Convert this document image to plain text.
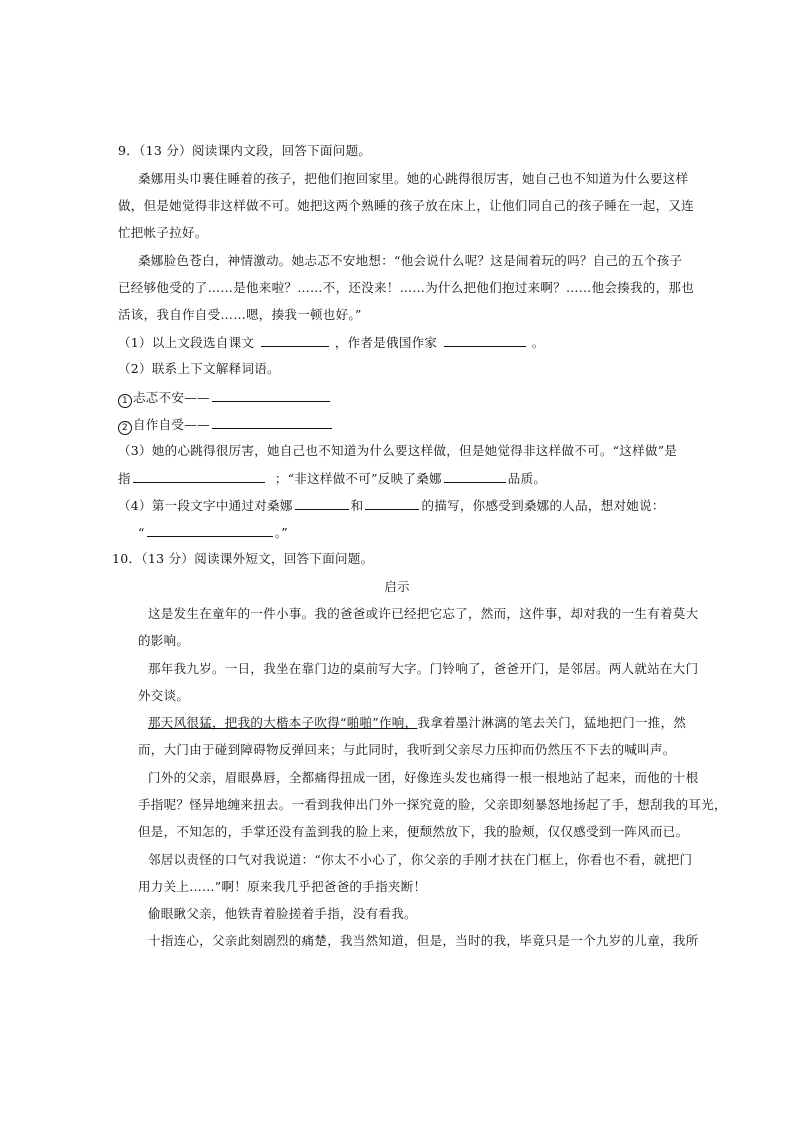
9．（13 分）阅读课内文段，回答下面问题。
桑娜用头巾裹住睡着的孩子，把他们抱回家里。她的心跳得很厉害，她自己也不知道为什么要这样
做，但是她觉得非这样做不可。她把这两个熟睡的孩子放在床上，让他们同自己的孩子睡在一起，又连
忙把帐子拉好。
桑娜脸色苍白，神情激动。她忐忑不安地想：“他会说什么呢？这是闹着玩的吗？自己的五个孩子
已经够他受的了……是他来啦？……不，还没来！……为什么把他们抱过来啊？……他会揍我的，那也
活该，我自作自受……嗯，揍我一顿也好。”
（1）以上文段选自课文	，作者是俄国作家	。
（2）联系上下文解释词语。
1 忐忑不安——
2 自作自受——
（3）她的心跳得很厉害，她自己也不知道为什么要这样做，但是她觉得非这样做不可。“这样做”是
指	；“非这样做不可”反映了桑娜	品质。
（4）第一段文字中通过对桑娜	和	的描写，你感受到桑娜的人品，想对她说：
“	。”
10．（13 分）阅读课外短文，回答下面问题。
启示
这是发生在童年的一件小事。我的爸爸或许已经把它忘了，然而，这件事，却对我的一生有着莫大
的影响。
那年我九岁。一日，我坐在靠门边的桌前写大字。门铃响了，爸爸开门，是邻居。两人就站在大门
外交谈。
那天风很猛，把我的大楷本子吹得“啪啪”作响，我拿着墨汁淋漓的笔去关门，猛地把门一推，然
而，大门由于碰到障碍物反弹回来；与此同时，我听到父亲尽力压抑而仍然压不下去的喊叫声。
门外的父亲，眉眼鼻唇，全都痛得扭成一团，好像连头发也痛得一根一根地站了起来，而他的十根
手指呢？怪异地缠来扭去。一看到我伸出门外一探究竟的脸，父亲即刻暴怒地扬起了手，想刮我的耳光，
但是，不知怎的，手掌还没有盖到我的脸上来，便颓然放下，我的脸颊，仅仅感受到一阵风而已。
邻居以责怪的口气对我说道：“你太不小心了，你父亲的手刚才扶在门框上，你看也不看，就把门
用力关上……”啊！原来我几乎把爸爸的手指夹断！
偷眼瞅父亲，他铁青着脸搓着手指，没有看我。
十指连心，父亲此刻剧烈的痛楚，我当然知道，但是，当时的我，毕竟只是一个九岁的儿童，我所
